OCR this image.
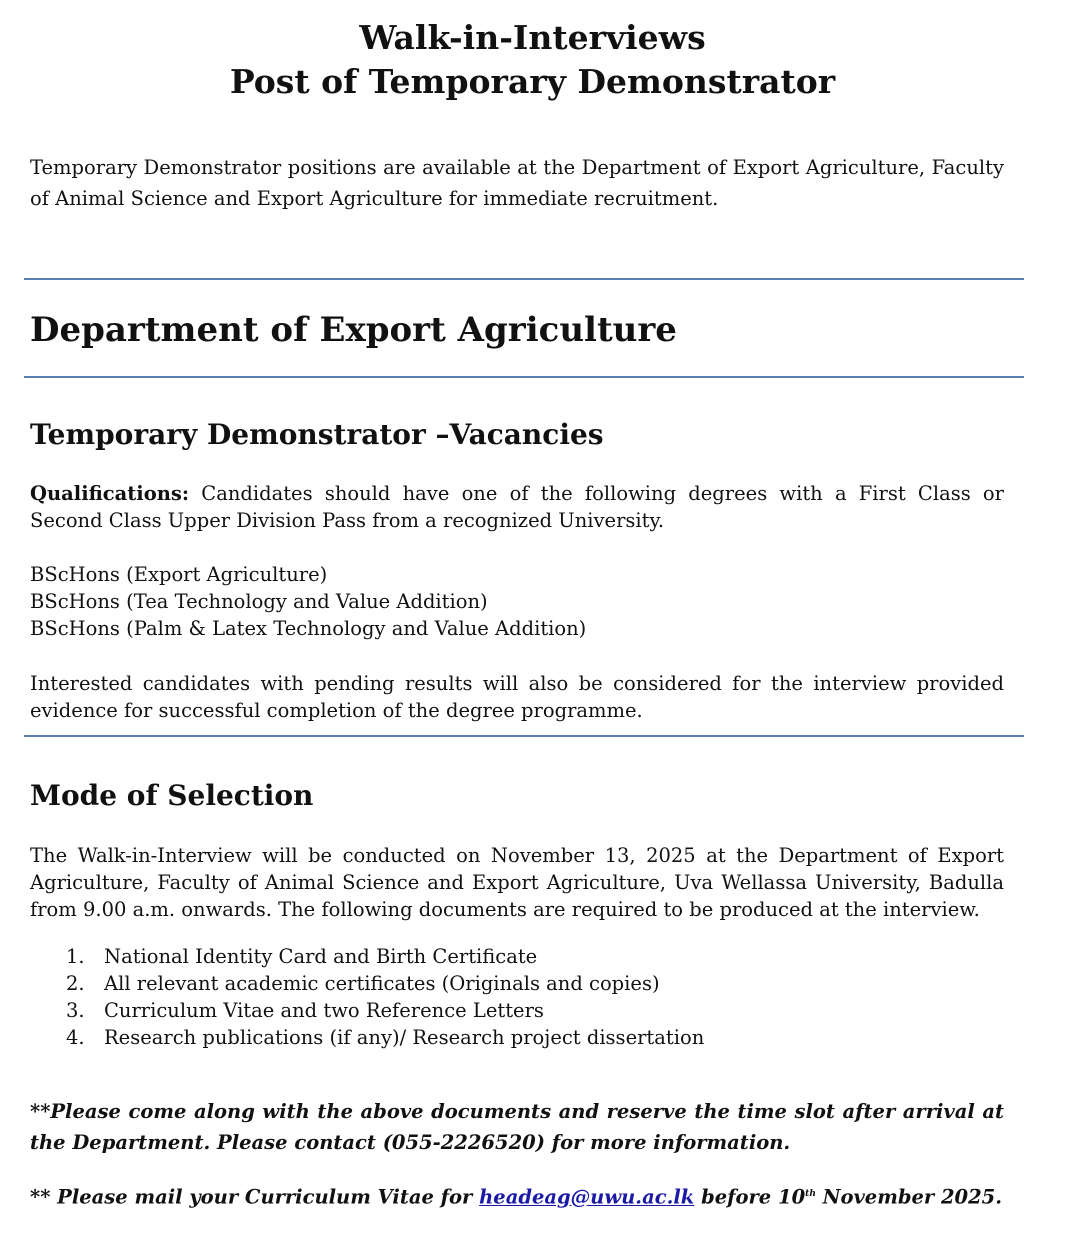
Walk-in-Interviews
Post of Temporary Demonstrator
Temporary Demonstrator positions are available at the Department of Export Agriculture, Faculty of Animal Science and Export Agriculture for immediate recruitment.
Department of Export Agriculture
Temporary Demonstrator –Vacancies
Qualifications: Candidates should have one of the following degrees with a First Class or Second Class Upper Division Pass from a recognized University.
BScHons (Export Agriculture)
BScHons (Tea Technology and Value Addition)
BScHons (Palm & Latex Technology and Value Addition)
Interested candidates with pending results will also be considered for the interview provided evidence for successful completion of the degree programme.
Mode of Selection
The Walk-in-Interview will be conducted on November 13, 2025 at the Department of Export Agriculture, Faculty of Animal Science and Export Agriculture, Uva Wellassa University, Badulla from 9.00 a.m. onwards. The following documents are required to be produced at the interview.
1. National Identity Card and Birth Certificate
2. All relevant academic certificates (Originals and copies)
3. Curriculum Vitae and two Reference Letters
4. Research publications (if any)/ Research project dissertation
**Please come along with the above documents and reserve the time slot after arrival at the Department. Please contact (055-2226520) for more information.
** Please mail your Curriculum Vitae for headeag@uwu.ac.lk before 10th November 2025.
